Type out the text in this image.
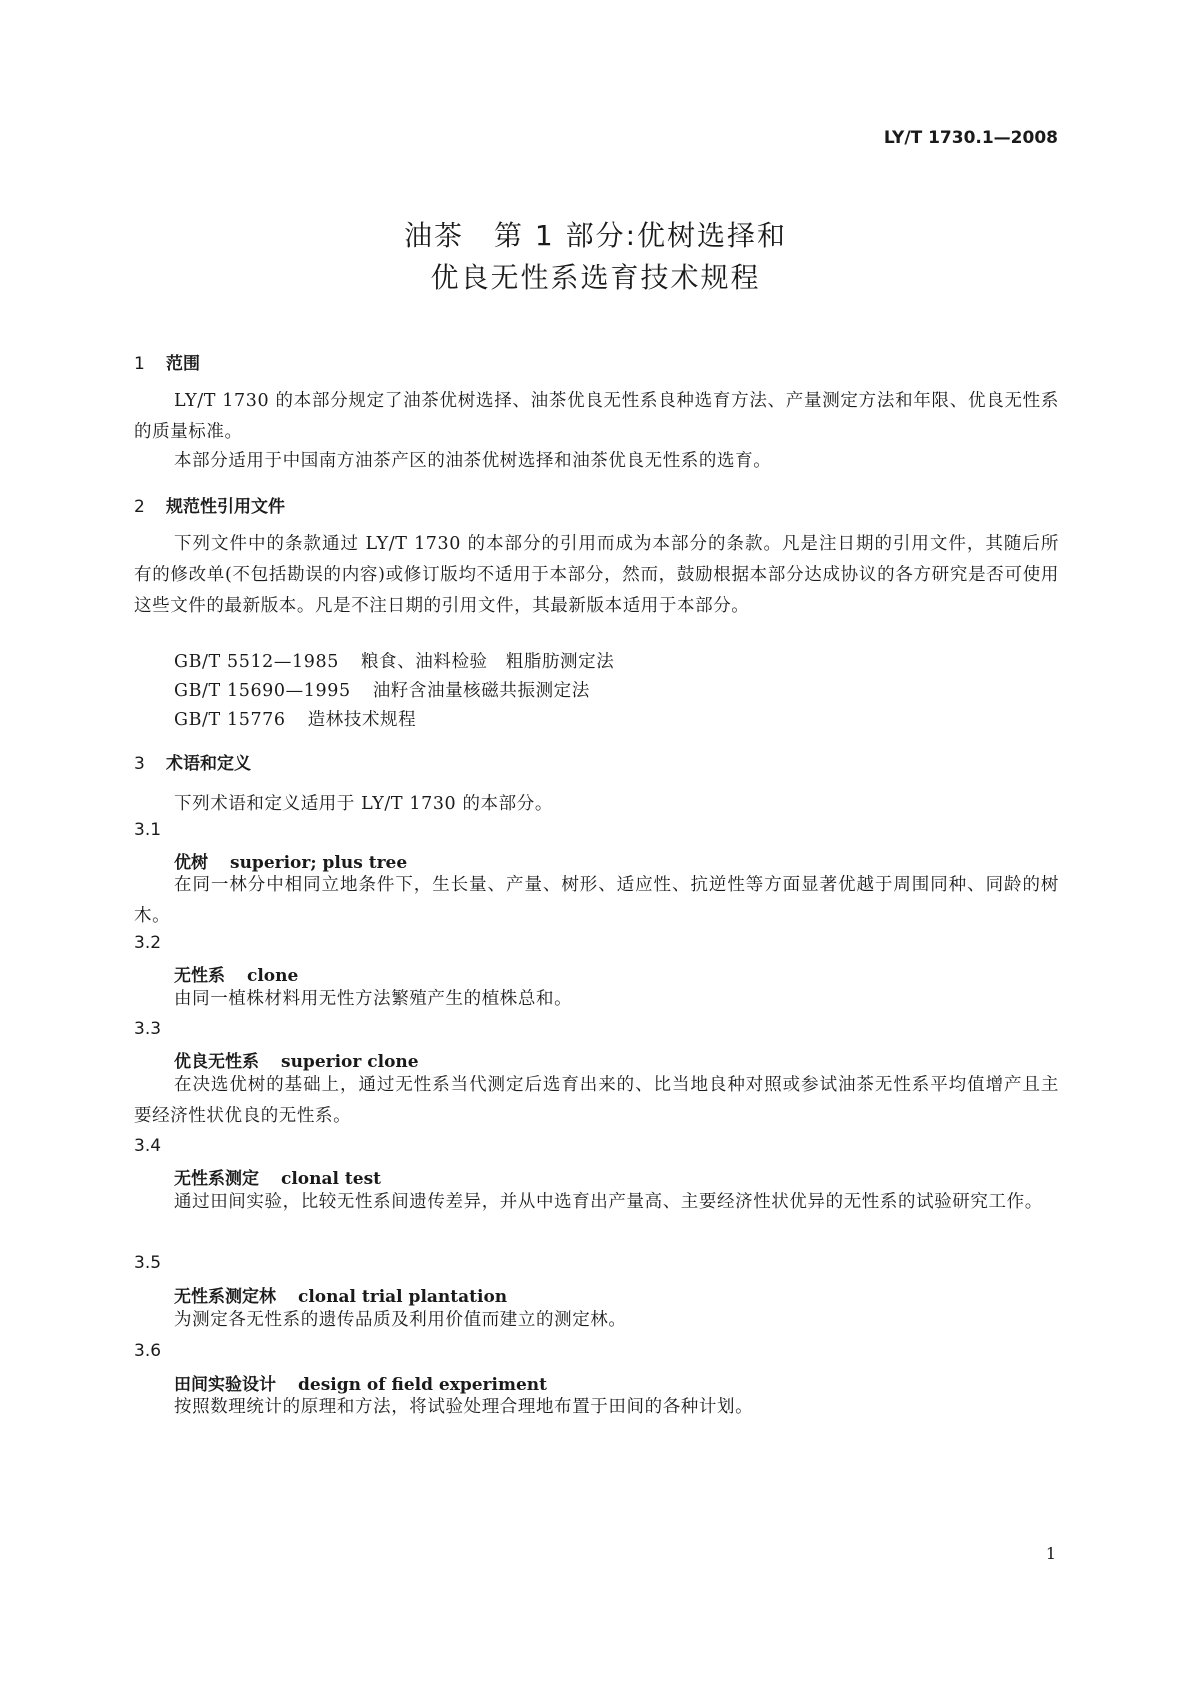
LY/T 1730.1—2008
油茶　第 1 部分:优树选择和
优良无性系选育技术规程
1 范围
LY/T 1730 的本部分规定了油茶优树选择、油茶优良无性系良种选育方法、产量测定方法和年限、优良无性系的质量标准。
本部分适用于中国南方油茶产区的油茶优树选择和油茶优良无性系的选育。
2 规范性引用文件
下列文件中的条款通过 LY/T 1730 的本部分的引用而成为本部分的条款。凡是注日期的引用文件，其随后所有的修改单(不包括勘误的内容)或修订版均不适用于本部分，然而，鼓励根据本部分达成协议的各方研究是否可使用这些文件的最新版本。凡是不注日期的引用文件，其最新版本适用于本部分。
GB/T 5512—1985 粮食、油料检验　粗脂肪测定法
GB/T 15690—1995 油籽含油量核磁共振测定法
GB/T 15776 造林技术规程
3 术语和定义
下列术语和定义适用于 LY/T 1730 的本部分。
3.1
优树 superior; plus tree
在同一林分中相同立地条件下，生长量、产量、树形、适应性、抗逆性等方面显著优越于周围同种、同龄的树木。
3.2
无性系 clone
由同一植株材料用无性方法繁殖产生的植株总和。
3.3
优良无性系 superior clone
在决选优树的基础上，通过无性系当代测定后选育出来的、比当地良种对照或参试油茶无性系平均值增产且主要经济性状优良的无性系。
3.4
无性系测定 clonal test
通过田间实验，比较无性系间遗传差异，并从中选育出产量高、主要经济性状优异的无性系的试验研究工作。
3.5
无性系测定林 clonal trial plantation
为测定各无性系的遗传品质及利用价值而建立的测定林。
3.6
田间实验设计 design of field experiment
按照数理统计的原理和方法，将试验处理合理地布置于田间的各种计划。
1
